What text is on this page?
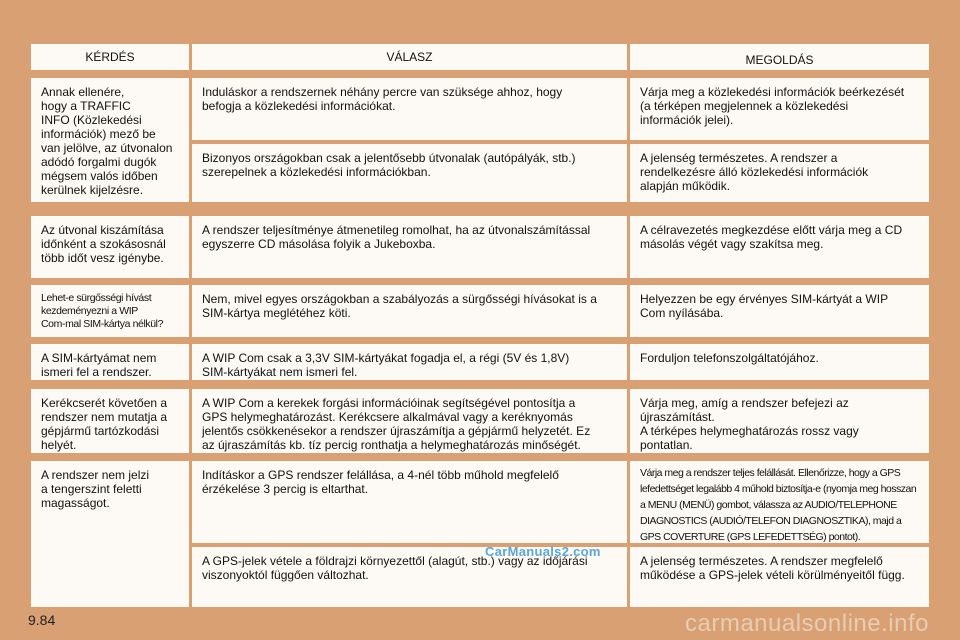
KÉRDÉS	VÁLASZ	MEGOLDÁS
Annak ellenére,
hogy a TRAFFIC
INFO (Közlekedési
információk) mező be
van jelölve, az útvonalon
adódó forgalmi dugók
mégsem valós időben
kerülnek kijelzésre.
Induláskor a rendszernek néhány percre van szüksége ahhoz, hogy
befogja a közlekedési információkat.
Várja meg a közlekedési információk beérkezését
(a térképen megjelennek a közlekedési
információk jelei).
Bizonyos országokban csak a jelentősebb útvonalak (autópályák, stb.)
szerepelnek a közlekedési információkban.
A jelenség természetes. A rendszer a
rendelkezésre álló közlekedési információk
alapján működik.
Az útvonal kiszámítása
időnként a szokásosnál
több időt vesz igénybe.
A rendszer teljesítménye átmenetileg romolhat, ha az útvonalszámítással
egyszerre CD másolása folyik a Jukeboxba.
A célravezetés megkezdése előtt várja meg a CD
másolás végét vagy szakítsa meg.
Lehet-e sürgősségi hívást
kezdeményezni a WIP
Com-mal SIM-kártya nélkül?
Nem, mivel egyes országokban a szabályozás a sürgősségi hívásokat is a
SIM-kártya meglétéhez köti.
Helyezzen be egy érvényes SIM-kártyát a WIP
Com nyílásába.
A SIM-kártyámat nem
ismeri fel a rendszer.
A WIP Com csak a 3,3V SIM-kártyákat fogadja el, a régi (5V és 1,8V)
SIM-kártyákat nem ismeri fel.
Forduljon telefonszolgáltatójához.
Kerékcserét követően a
rendszer nem mutatja a
gépjármű tartózkodási
helyét.
A WIP Com a kerekek forgási információinak segítségével pontosítja a
GPS helymeghatározást. Kerékcsere alkalmával vagy a keréknyomás
jelentős csökkenésekor a rendszer újraszámítja a gépjármű helyzetét. Ez
az újraszámítás kb. tíz percig ronthatja a helymeghatározás minőségét.
Várja meg, amíg a rendszer befejezi az
újraszámítást.
A térképes helymeghatározás rossz vagy
pontatlan.
A rendszer nem jelzi
a tengerszint feletti
magasságot.
Indításkor a GPS rendszer felállása, a 4-nél több műhold megfelelő
érzékelése 3 percig is eltarthat.
Várja meg a rendszer teljes felállását. Ellenőrizze, hogy a GPS
lefedettséget legalább 4 műhold biztosítja-e (nyomja meg hosszan
a MENU (MENÜ) gombot, válassza az AUDIO/TELEPHONE
DIAGNOSTICS (AUDIÓ/TELEFON DIAGNOSZTIKA), majd a
GPS COVERTURE (GPS LEFEDETTSÉG) pontot).
A GPS-jelek vétele a földrajzi környezettől (alagút, stb.) vagy az időjárási
viszonyoktól függően változhat.
A jelenség természetes. A rendszer megfelelő
működése a GPS-jelek vételi körülményeitől függ.
9.84
CarManuals2.com
carmanualsonline.info
